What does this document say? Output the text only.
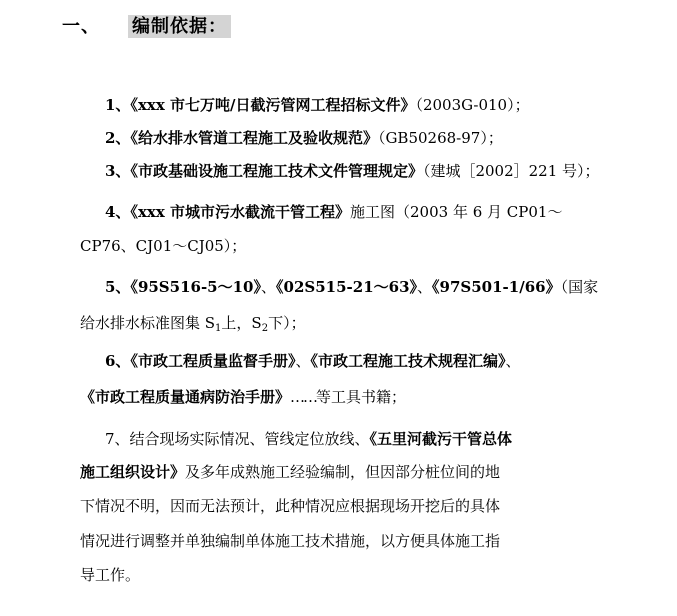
一、 编制依据：
1、《xxx 市七万吨/日截污管网工程招标文件》（2003G-010）；
2、《给水排水管道工程施工及验收规范》（GB50268-97）；
3、《市政基础设施工程施工技术文件管理规定》（建城［2002］221 号）；
4、《xxx 市城市污水截流干管工程》施工图（2003 年 6 月 CP01～
CP76、CJ01～CJ05）；
5、《95S516-5～10》、《02S515-21～63》、《97S501-1/66》（国家
给水排水标准图集 $S_1$上，$S_2$下）；
6、《市政工程质量监督手册》、《市政工程施工技术规程汇编》、
《市政工程质量通病防治手册》……等工具书籍；
7、结合现场实际情况、管线定位放线、《五里河截污干管总体
施工组织设计》及多年成熟施工经验编制，但因部分桩位间的地
下情况不明，因而无法预计，此种情况应根据现场开挖后的具体
情况进行调整并单独编制单体施工技术措施，以方便具体施工指
导工作。
